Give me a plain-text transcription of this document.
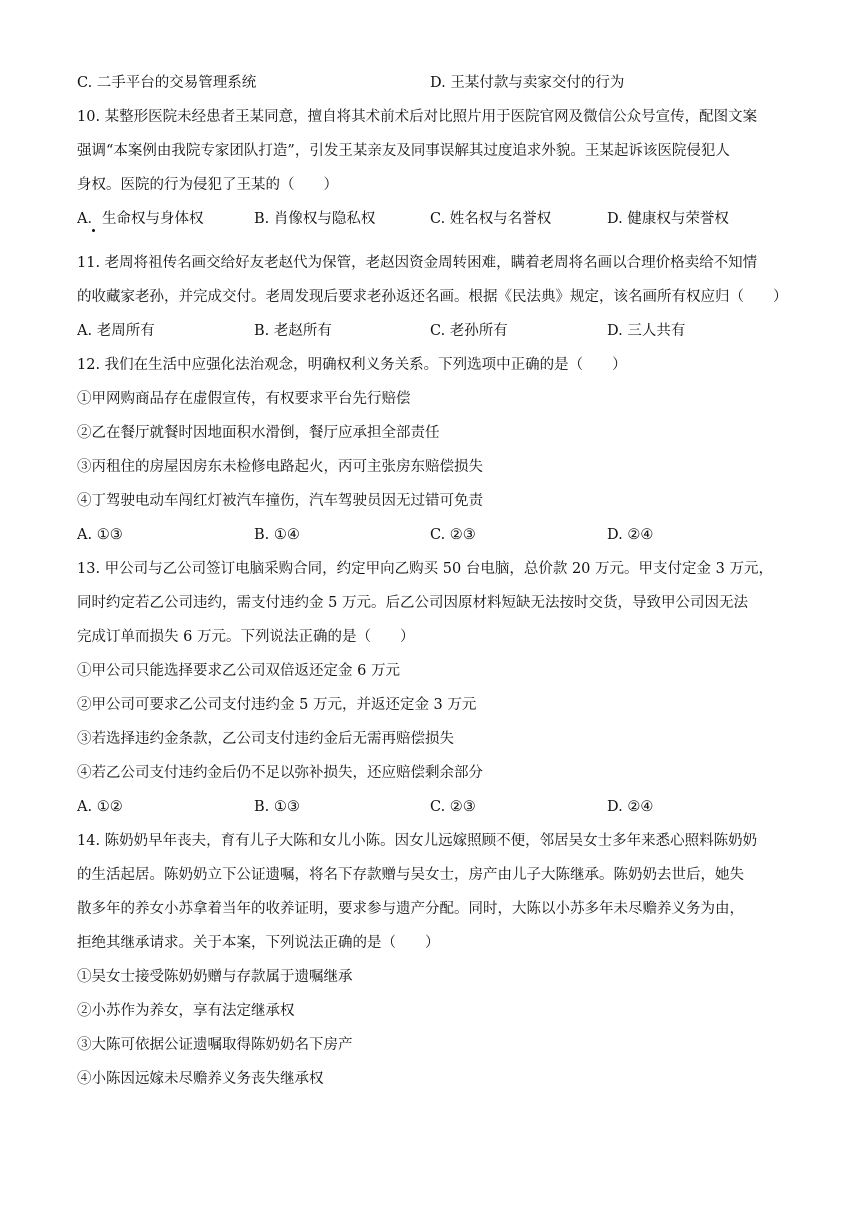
C. 二手平台的交易管理系统	D. 王某付款与卖家交付的行为
10. 某整形医院未经患者王某同意，擅自将其术前术后对比照片用于医院官网及微信公众号宣传，配图文案
强调“本案例由我院专家团队打造”，引发王某亲友及同事误解其过度追求外貌。王某起诉该医院侵犯人
身权。医院的行为侵犯了王某的（　　）
A．生命权与身体权	B. 肖像权与隐私权	C. 姓名权与名誉权	D. 健康权与荣誉权
11. 老周将祖传名画交给好友老赵代为保管，老赵因资金周转困难，瞒着老周将名画以合理价格卖给不知情
的收藏家老孙，并完成交付。老周发现后要求老孙返还名画。根据《民法典》规定，该名画所有权应归（　　）
A. 老周所有	B. 老赵所有	C. 老孙所有	D. 三人共有
12. 我们在生活中应强化法治观念，明确权利义务关系。下列选项中正确的是（　　）
①甲网购商品存在虚假宣传，有权要求平台先行赔偿
②乙在餐厅就餐时因地面积水滑倒，餐厅应承担全部责任
③丙租住的房屋因房东未检修电路起火，丙可主张房东赔偿损失
④丁驾驶电动车闯红灯被汽车撞伤，汽车驾驶员因无过错可免责
A. ①③	B. ①④	C. ②③	D. ②④
13. 甲公司与乙公司签订电脑采购合同，约定甲向乙购买 50 台电脑，总价款 20 万元。甲支付定金 3 万元，
同时约定若乙公司违约，需支付违约金 5 万元。后乙公司因原材料短缺无法按时交货，导致甲公司因无法
完成订单而损失 6 万元。下列说法正确的是（　　）
①甲公司只能选择要求乙公司双倍返还定金 6 万元
②甲公司可要求乙公司支付违约金 5 万元，并返还定金 3 万元
③若选择违约金条款，乙公司支付违约金后无需再赔偿损失
④若乙公司支付违约金后仍不足以弥补损失，还应赔偿剩余部分
A. ①②	B. ①③	C. ②③	D. ②④
14. 陈奶奶早年丧夫，育有儿子大陈和女儿小陈。因女儿远嫁照顾不便，邻居吴女士多年来悉心照料陈奶奶
的生活起居。陈奶奶立下公证遗嘱，将名下存款赠与吴女士，房产由儿子大陈继承。陈奶奶去世后，她失
散多年的养女小苏拿着当年的收养证明，要求参与遗产分配。同时，大陈以小苏多年未尽赡养义务为由，
拒绝其继承请求。关于本案，下列说法正确的是（　　）
①吴女士接受陈奶奶赠与存款属于遗嘱继承
②小苏作为养女，享有法定继承权
③大陈可依据公证遗嘱取得陈奶奶名下房产
④小陈因远嫁未尽赡养义务丧失继承权
